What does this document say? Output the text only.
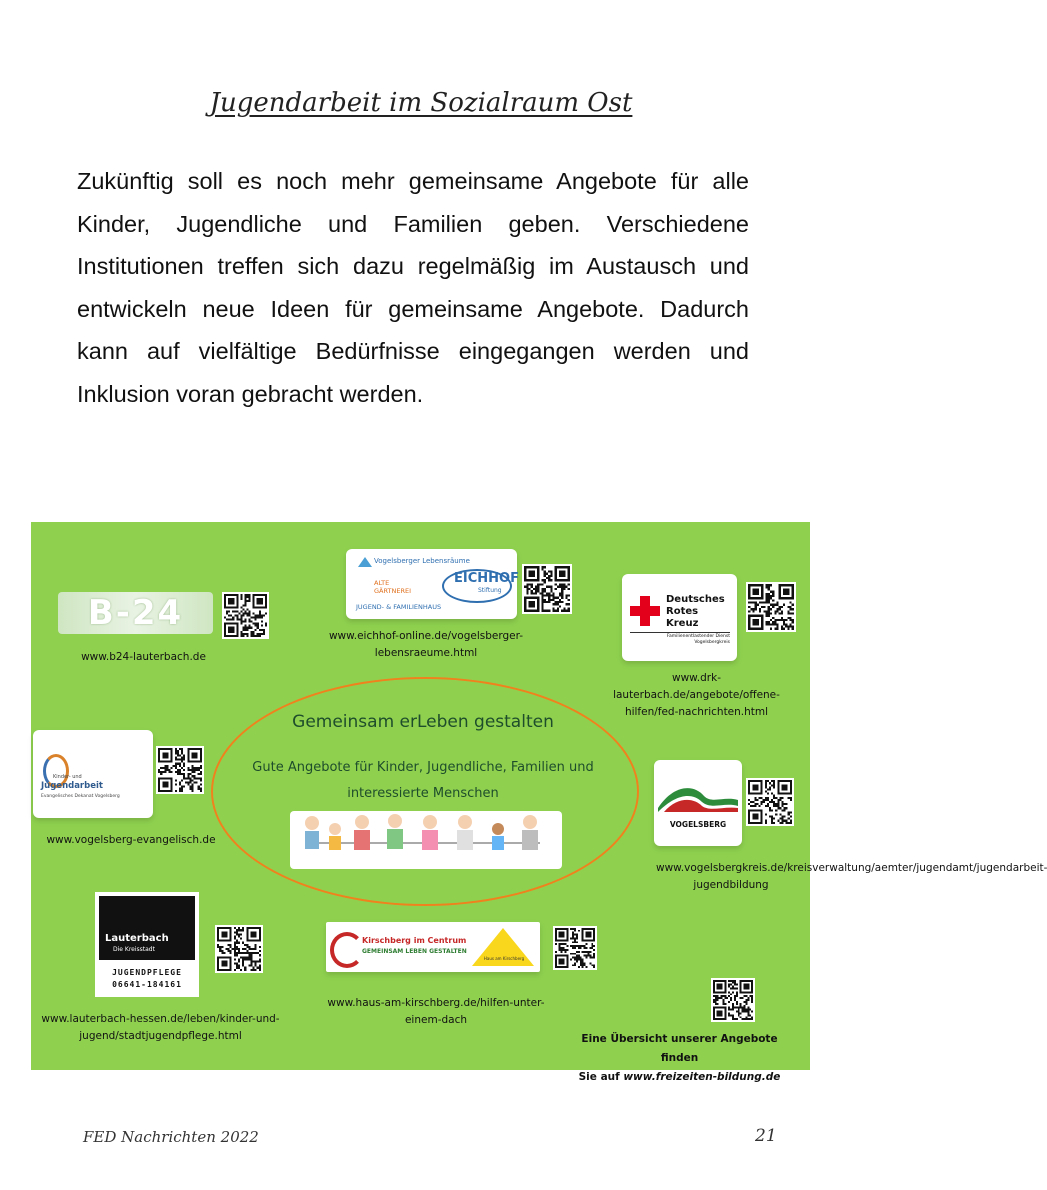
Jugendarbeit im Sozialraum Ost
Zukünftig soll es noch mehr gemeinsame Angebote für alle Kinder, Jugendliche und Familien geben. Verschiedene Institutionen treffen sich dazu regelmäßig im Austausch und entwickeln neue Ideen für gemeinsame Angebote. Dadurch kann auf vielfältige Bedürfnisse eingegangen werden und Inklusion voran gebracht werden.
B-24
www.b24-lauterbach.de
Vogelsberger Lebensräume
ALTE GÄRTNEREI
JUGEND- & FAMILIENHAUS
EICHHOF
Stiftung
www.eichhof-online.de/vogelsberger-lebensraeume.html
Deutsches
Rotes
Kreuz
Familienentlastender Dienst Vogelsbergkreis
www.drk-lauterbach.de/angebote/offene-hilfen/fed-nachrichten.html
Kinder- und
Jugendarbeit
Evangelisches Dekanat Vogelsberg
www.vogelsberg-evangelisch.de
Gemeinsam erLeben gestalten
Gute Angebote für Kinder, Jugendliche, Familien und interessierte Menschen
VOGELSBERG
www.vogelsbergkreis.de/kreisverwaltung/aemter/jugendamt/jugendarbeit-jugendbildung
Lauterbach
Die Kreisstadt
JUGENDPFLEGE
06641-184161
www.lauterbach-hessen.de/leben/kinder-und-jugend/stadtjugendpflege.html
Kirschberg im Centrum
GEMEINSAM LEBEN GESTALTEN
Haus am Kirschberg
www.haus-am-kirschberg.de/hilfen-unter-einem-dach
Eine Übersicht unserer Angebote finden
Sie auf www.freizeiten-bildung.de
FED Nachrichten 2022	21
